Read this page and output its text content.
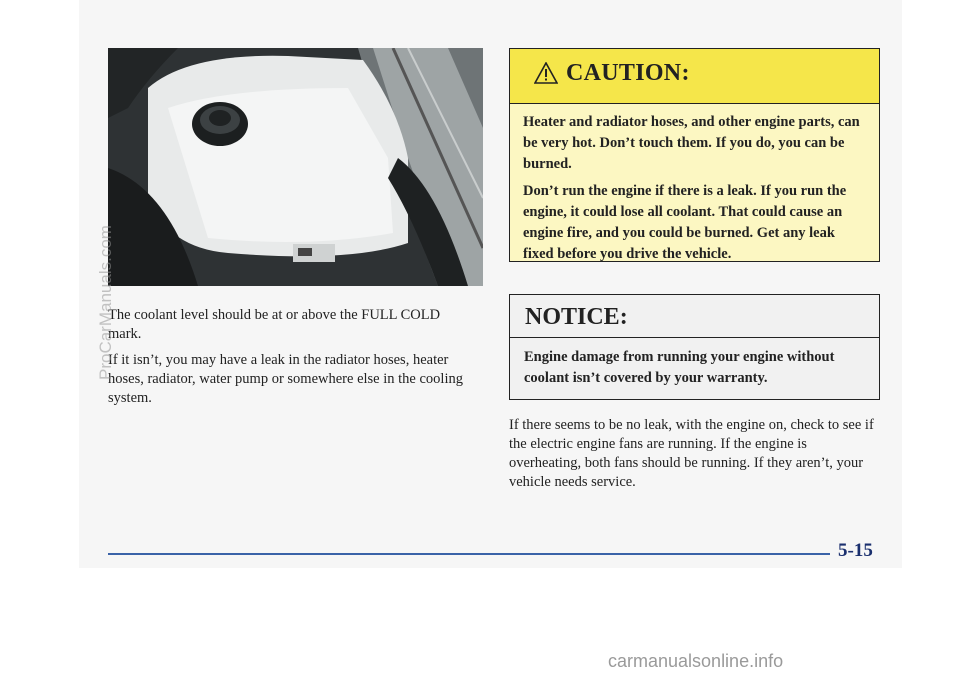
The coolant level should be at or above the FULL COLD mark.

If it isn’t, you may have a leak in the radiator hoses, heater hoses, radiator, water pump or somewhere else in the cooling system.

CAUTION:

Heater and radiator hoses, and other engine parts, can be very hot. Don’t touch them. If you do, you can be burned.

Don’t run the engine if there is a leak. If you run the engine, it could lose all coolant. That could cause an engine fire, and you could be burned. Get any leak fixed before you drive the vehicle.

NOTICE:
Engine damage from running your engine without coolant isn’t covered by your warranty.

If there seems to be no leak, with the engine on, check to see if the electric engine fans are running. If the engine is overheating, both fans should be running. If they aren’t, your vehicle needs service.

5-15
ProCarManuals.com
carmanualsonline.info
